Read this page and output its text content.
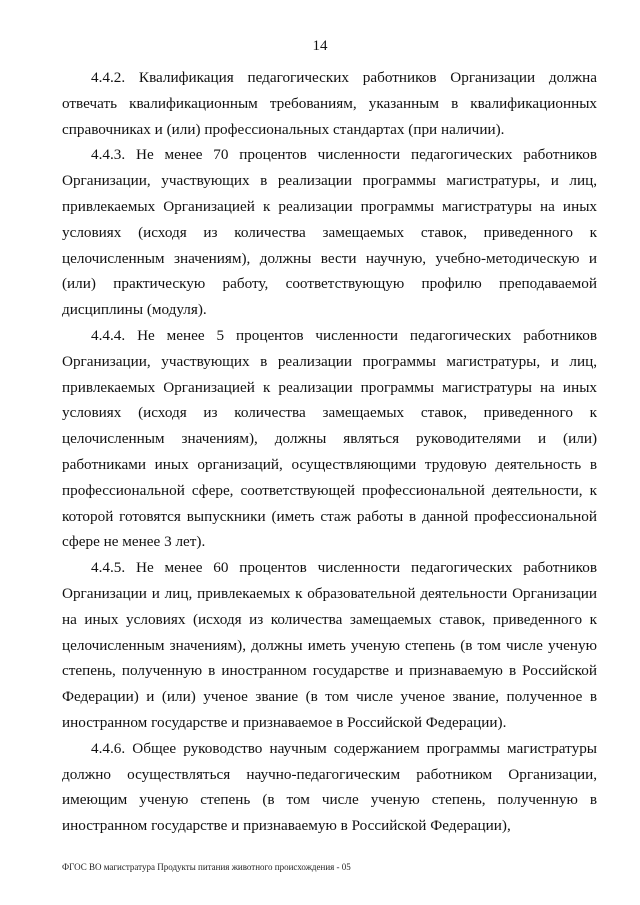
14

4.4.2. Квалификация педагогических работников Организации должна отвечать квалификационным требованиям, указанным в квалификационных справочниках и (или) профессиональных стандартах (при наличии).

4.4.3. Не менее 70 процентов численности педагогических работников Организации, участвующих в реализации программы магистратуры, и лиц, привлекаемых Организацией к реализации программы магистратуры на иных условиях (исходя из количества замещаемых ставок, приведенного к целочисленным значениям), должны вести научную, учебно-методическую и (или) практическую работу, соответствующую профилю преподаваемой дисциплины (модуля).

4.4.4. Не менее 5 процентов численности педагогических работников Организации, участвующих в реализации программы магистратуры, и лиц, привлекаемых Организацией к реализации программы магистратуры на иных условиях (исходя из количества замещаемых ставок, приведенного к целочисленным значениям), должны являться руководителями и (или) работниками иных организаций, осуществляющими трудовую деятельность в профессиональной сфере, соответствующей профессиональной деятельности, к которой готовятся выпускники (иметь стаж работы в данной профессиональной сфере не менее 3 лет).

4.4.5. Не менее 60 процентов численности педагогических работников Организации и лиц, привлекаемых к образовательной деятельности Организации на иных условиях (исходя из количества замещаемых ставок, приведенного к целочисленным значениям), должны иметь ученую степень (в том числе ученую степень, полученную в иностранном государстве и признаваемую в Российской Федерации) и (или) ученое звание (в том числе ученое звание, полученное в иностранном государстве и признаваемое в Российской Федерации).

4.4.6. Общее руководство научным содержанием программы магистратуры должно осуществляться научно-педагогическим работником Организации, имеющим ученую степень (в том числе ученую степень, полученную в иностранном государстве и признаваемую в Российской Федерации),

ФГОС ВО магистратура Продукты питания животного происхождения - 05
